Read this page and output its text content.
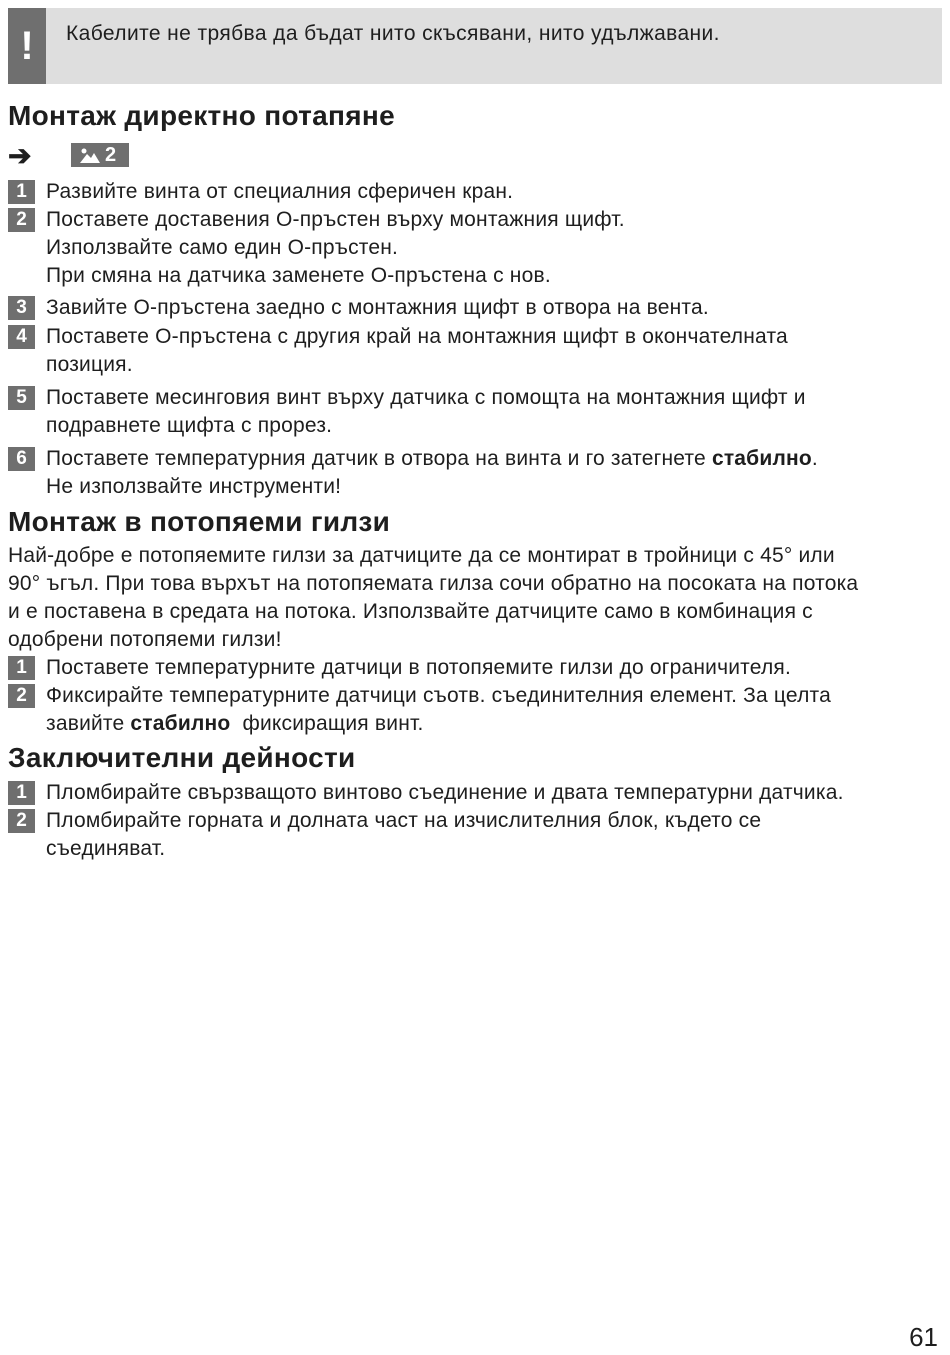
!	Кабелите не трябва да бъдат нито скъсявани, нито удължавани.
Монтаж директно потапяне
➔	2
1 Развийте винта от специалния сферичен кран.
2 Поставете доставения O-пръстен върху монтажния щифт.
Използвайте само един O-пръстен.
При смяна на датчика заменете O-пръстена с нов.
3 Завийте O-пръстена заедно с монтажния щифт в отвора на вента.
4 Поставете O-пръстена с другия край на монтажния щифт в окончателната
позиция.
5 Поставете месинговия винт върху датчика с помощта на монтажния щифт и
подравнете щифта с прорез.
6 Поставете температурния датчик в отвора на винта и го затегнете стабилно.
Не използвайте инструменти!
Монтаж в потопяеми гилзи
Най-добре е потопяемите гилзи за датчиците да се монтират в тройници с 45° или
90° ъгъл. При това върхът на потопяемата гилза сочи обратно на посоката на потока
и е поставена в средата на потока. Използвайте датчиците само в комбинация с
одобрени потопяеми гилзи!
1 Поставете температурните датчици в потопяемите гилзи до ограничителя.
2 Фиксирайте температурните датчици съотв. съединителния елемент. За целта
завийте стабилно  фиксиращия винт.
Заключителни дейности
1 Пломбирайте свързващото винтово съединение и двата температурни датчика.
2 Пломбирайте горната и долната част на изчислителния блок, където се
съединяват.
61
